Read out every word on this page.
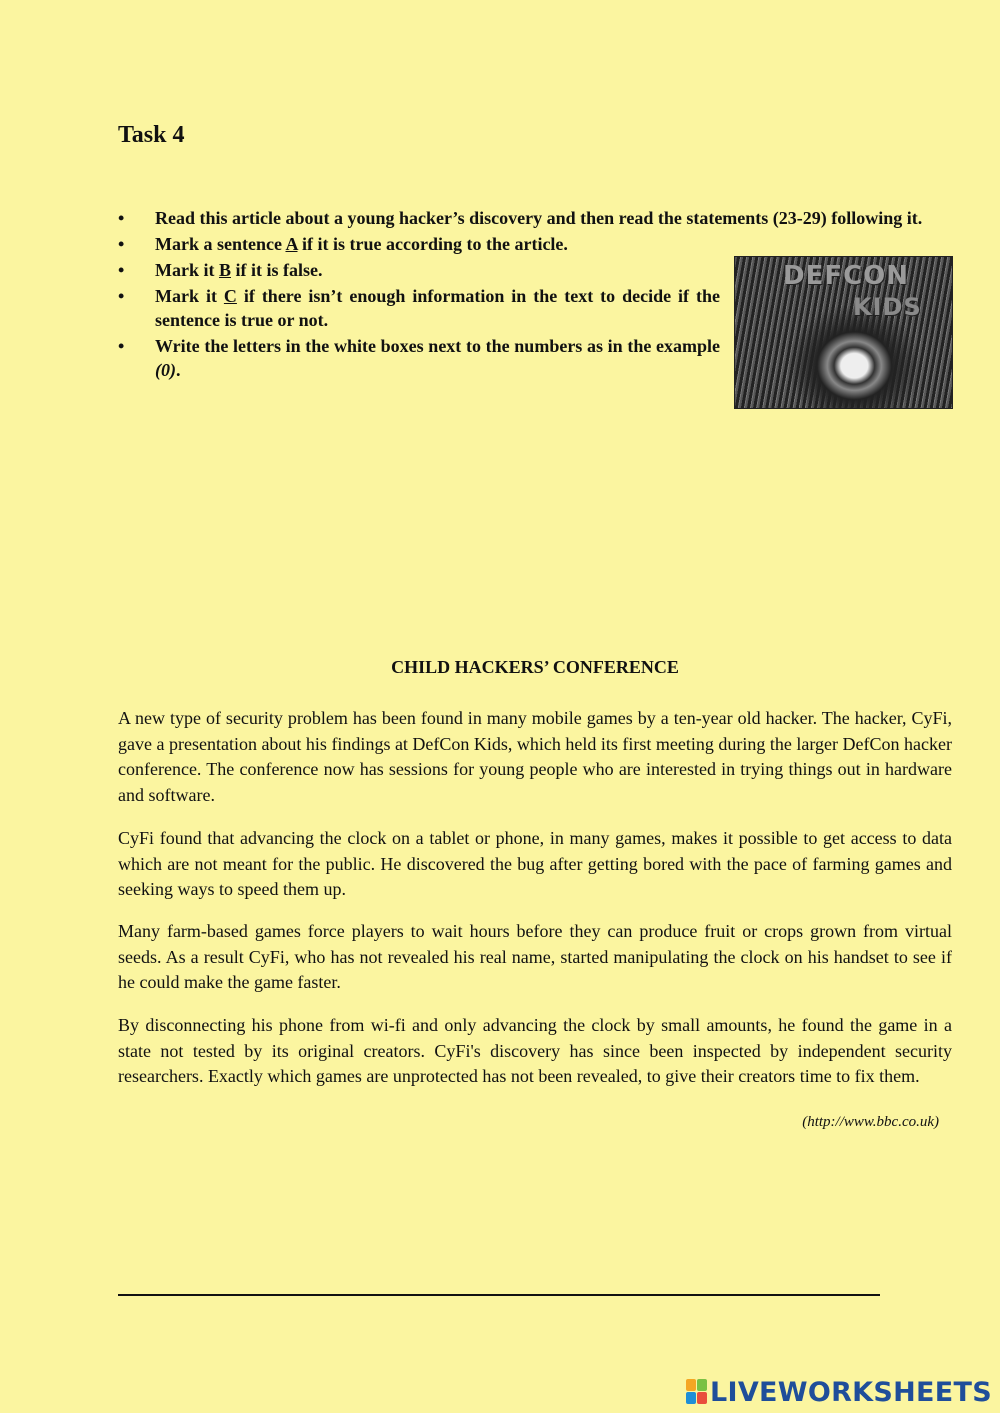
Task 4
• Read this article about a young hacker’s discovery and then read the statements (23-29) following it.
• Mark a sentence A if it is true according to the article.
• Mark it B if it is false.
• Mark it C if there isn’t enough information in the text to decide if the sentence is true or not.
• Write the letters in the white boxes next to the numbers as in the example (0).
DEFCON
KIDS
CHILD HACKERS’ CONFERENCE

A new type of security problem has been found in many mobile games by a ten-year old hacker. The hacker, CyFi, gave a presentation about his findings at DefCon Kids, which held its first meeting during the larger DefCon hacker conference. The conference now has sessions for young people who are interested in trying things out in hardware and software.

CyFi found that advancing the clock on a tablet or phone, in many games, makes it possible to get access to data which are not meant for the public. He discovered the bug after getting bored with the pace of farming games and seeking ways to speed them up.

Many farm-based games force players to wait hours before they can produce fruit or crops grown from virtual seeds. As a result CyFi, who has not revealed his real name, started manipulating the clock on his handset to see if he could make the game faster.

By disconnecting his phone from wi-fi and only advancing the clock by small amounts, he found the game in a state not tested by its original creators. CyFi's discovery has since been inspected by independent security researchers. Exactly which games are unprotected has not been revealed, to give their creators time to fix them.

(http://www.bbc.co.uk)
LIVEWORKSHEETS
